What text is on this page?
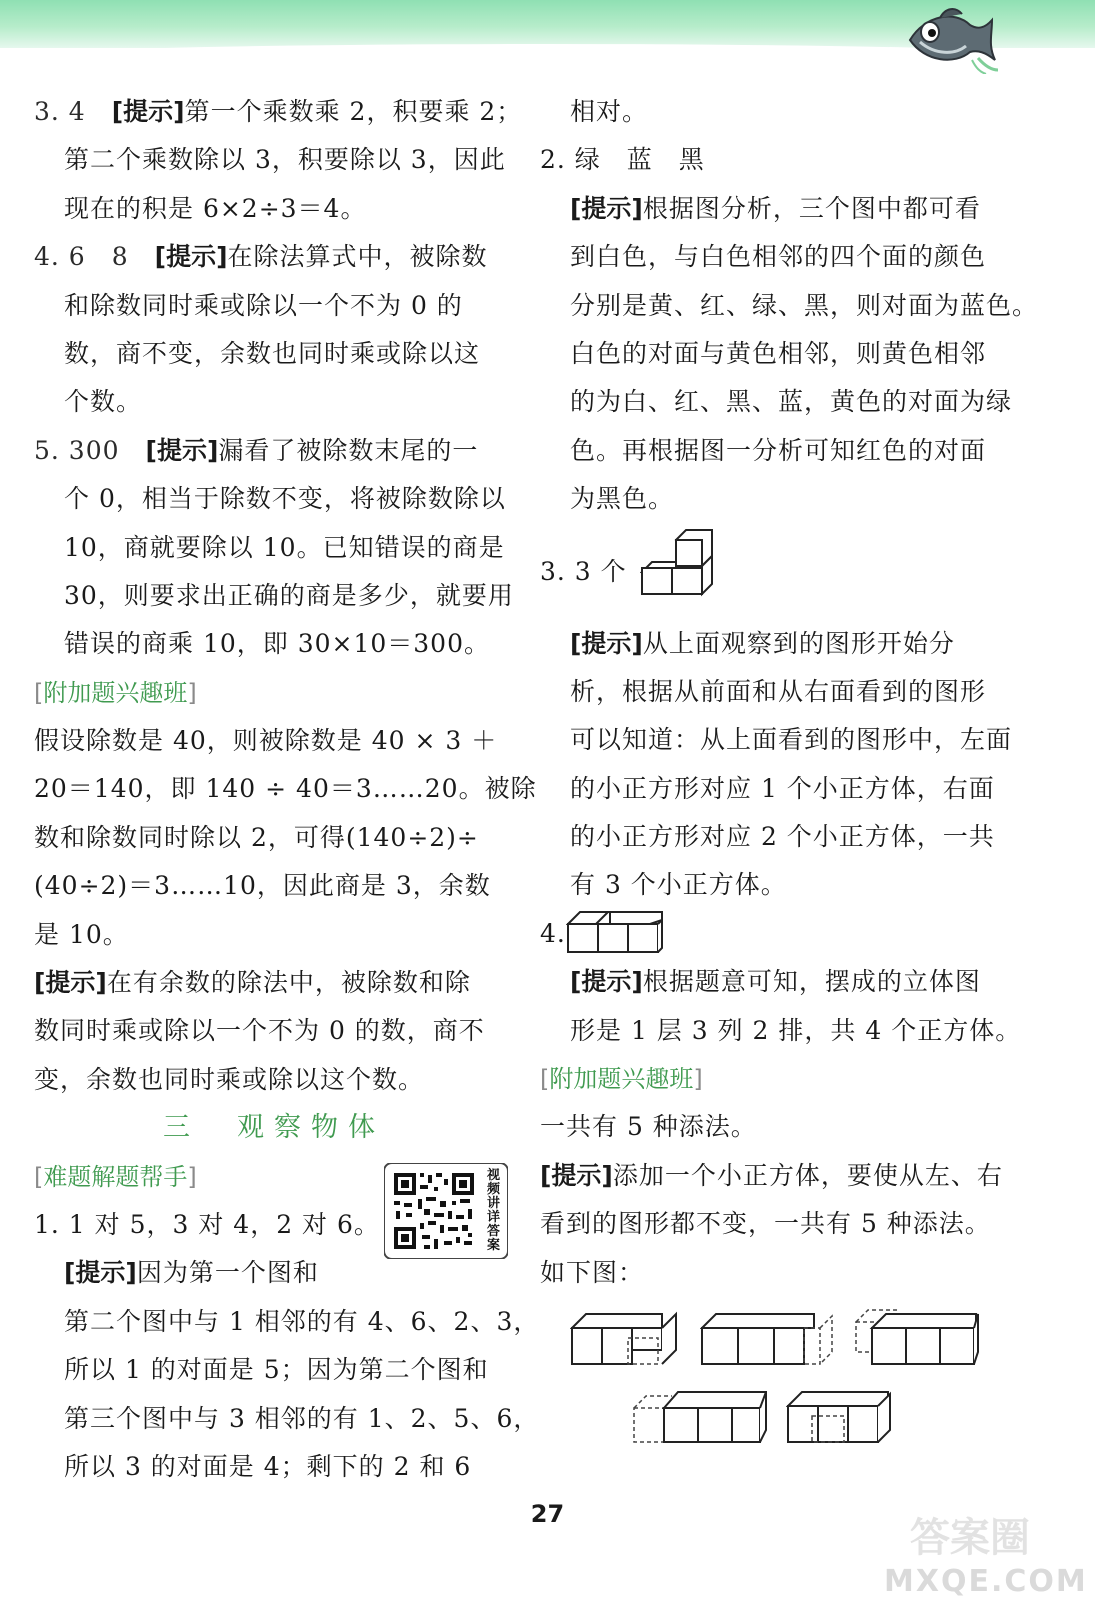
3. 4　 [提示]第一个乘数乘 2，积要乘 2；
第二个乘数除以 3，积要除以 3，因此
现在的积是 6×2÷3＝4。
4. 6　8　 [提示]在除法算式中，被除数
和除数同时乘或除以一个不为 0 的
数，商不变，余数也同时乘或除以这
个数。
5. 300　 [提示]漏看了被除数末尾的一
个 0，相当于除数不变，将被除数除以
10，商就要除以 10。已知错误的商是
30，则要求出正确的商是多少，就要用
错误的商乘 10，即 30×10＝300。
[附加题兴趣班]
假设除数是 40，则被除数是 40 × 3 ＋
20＝140，即 140 ÷ 40＝3……20。被除
数和除数同时除以 2，可得(140÷2)÷
(40÷2)＝3……10，因此商是 3，余数
是 10。
[提示]在有余数的除法中，被除数和除
数同时乘或除以一个不为 0 的数，商不
变，余数也同时乘或除以这个数。
三　观察物体
[难题解题帮手]
1. 1 对 5，3 对 4，2 对 6。
[提示]因为第一个图和
第二个图中与 1 相邻的有 4、6、2、3，
所以 1 的对面是 5；因为第二个图和
第三个图中与 3 相邻的有 1、2、5、6，
所以 3 的对面是 4；剩下的 2 和 6
相对。
2. 绿　蓝　黑
[提示]根据图分析，三个图中都可看
到白色，与白色相邻的四个面的颜色
分别是黄、红、绿、黑，则对面为蓝色。
白色的对面与黄色相邻，则黄色相邻
的为白、红、黑、蓝，黄色的对面为绿
色。再根据图一分析可知红色的对面
为黑色。
3. 3 个
[提示]从上面观察到的图形开始分
析，根据从前面和从右面看到的图形
可以知道：从上面看到的图形中，左面
的小正方形对应 1 个小正方体，右面
的小正方形对应 2 个小正方体，一共
有 3 个小正方体。
4.
[提示]根据题意可知，摆成的立体图
形是 1 层 3 列 2 排，共 4 个正方体。
[附加题兴趣班]
一共有 5 种添法。
[提示]添加一个小正方体，要使从左、右
看到的图形都不变，一共有 5 种添法。
如下图：
视频讲详答案
27
答案圈
MXQE.COM
